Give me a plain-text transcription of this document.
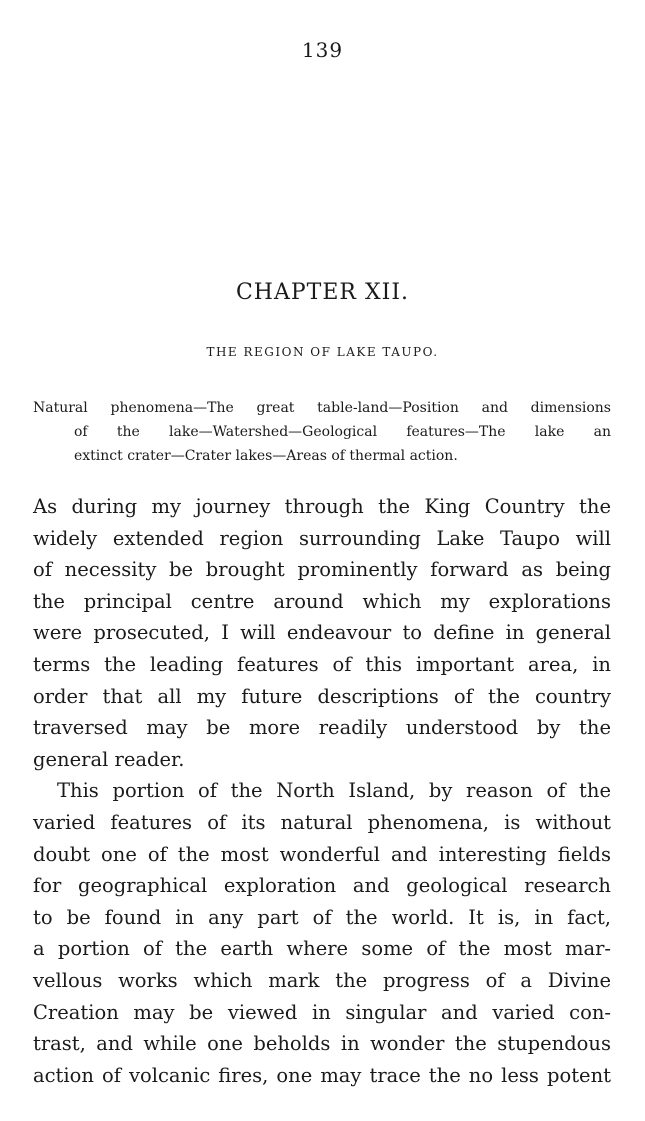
139
CHAPTER XII.
THE REGION OF LAKE TAUPO.
Natural phenomena—The great table-land—Position and dimensions
of the lake—Watershed—Geological features—The lake an
extinct crater—Crater lakes—Areas of thermal action.
As during my journey through the King Country the
widely extended region surrounding Lake Taupo will
of necessity be brought prominently forward as being
the principal centre around which my explorations
were prosecuted, I will endeavour to define in general
terms the leading features of this important area, in
order that all my future descriptions of the country
traversed may be more readily understood by the
general reader.
This portion of the North Island, by reason of the
varied features of its natural phenomena, is without
doubt one of the most wonderful and interesting fields
for geographical exploration and geological research
to be found in any part of the world. It is, in fact,
a portion of the earth where some of the most mar-
vellous works which mark the progress of a Divine
Creation may be viewed in singular and varied con-
trast, and while one beholds in wonder the stupendous
action of volcanic fires, one may trace the no less potent
